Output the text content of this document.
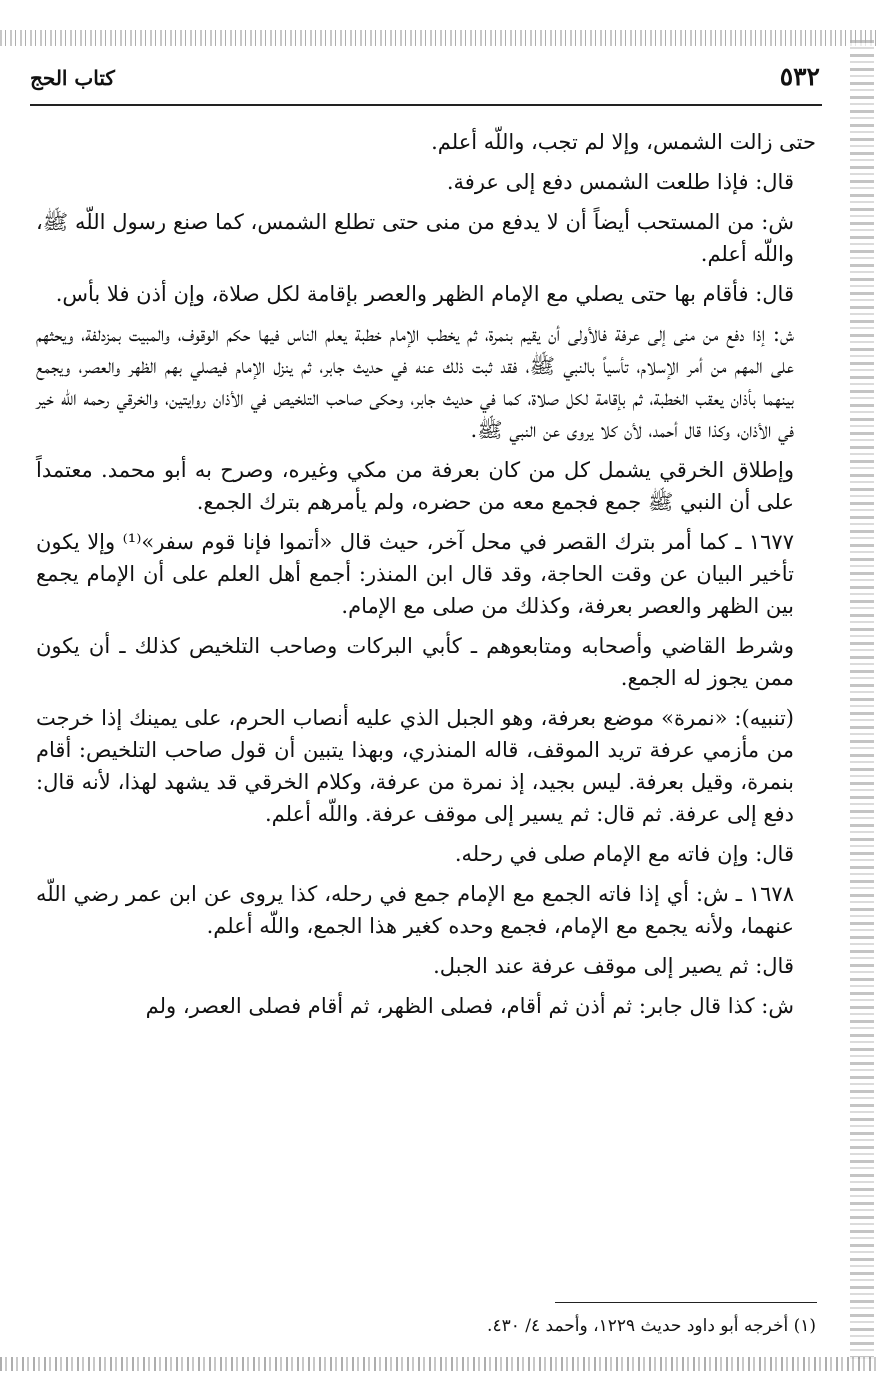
٥٣٢
كتاب الحج

حتى زالت الشمس، وإلا لم تجب، واللّه أعلم.

قال: فإذا طلعت الشمس دفع إلى عرفة.

ش: من المستحب أيضاً أن لا يدفع من منى حتى تطلع الشمس، كما صنع رسول اللّه ﷺ، واللّه أعلم.

قال: فأقام بها حتى يصلي مع الإمام الظهر والعصر بإقامة لكل صلاة، وإن أذن فلا بأس.

ش: إذا دفع من منى إلى عرفة فالأولى أن يقيم بنمرة، ثم يخطب الإمام خطبة يعلم الناس فيها حكم الوقوف، والمبيت بمزدلفة، ويحثهم على المهم من أمر الإسلام، تأسياً بالنبي ﷺ، فقد ثبت ذلك عنه في حديث جابر، ثم ينزل الإمام فيصلي بهم الظهر والعصر، ويجمع بينهما بأذان يعقب الخطبة، ثم بإقامة لكل صلاة، كما في حديث جابر، وحكى صاحب التلخيص في الأذان روايتين، والخرقي رحمه اللّه خير في الأذان، وكذا قال أحمد، لأن كلا يروى عن النبي ﷺ.

وإطلاق الخرقي يشمل كل من كان بعرفة من مكي وغيره، وصرح به أبو محمد. معتمداً على أن النبي ﷺ جمع فجمع معه من حضره، ولم يأمرهم بترك الجمع.

١٦٧٧ ـ كما أمر بترك القصر في محل آخر، حيث قال «أتموا فإنا قوم سفر»⁽¹⁾ وإلا يكون تأخير البيان عن وقت الحاجة، وقد قال ابن المنذر: أجمع أهل العلم على أن الإمام يجمع بين الظهر والعصر بعرفة، وكذلك من صلى مع الإمام.

وشرط القاضي وأصحابه ومتابعوهم ـ كأبي البركات وصاحب التلخيص كذلك ـ أن يكون ممن يجوز له الجمع.

(تنبيه): «نمرة» موضع بعرفة، وهو الجبل الذي عليه أنصاب الحرم، على يمينك إذا خرجت من مأزمي عرفة تريد الموقف، قاله المنذري، وبهذا يتبين أن قول صاحب التلخيص: أقام بنمرة، وقيل بعرفة. ليس بجيد، إذ نمرة من عرفة، وكلام الخرقي قد يشهد لهذا، لأنه قال: دفع إلى عرفة. ثم قال: ثم يسير إلى موقف عرفة. واللّه أعلم.

قال: وإن فاته مع الإمام صلى في رحله.

١٦٧٨ ـ ش: أي إذا فاته الجمع مع الإمام جمع في رحله، كذا يروى عن ابن عمر رضي اللّه عنهما، ولأنه يجمع مع الإمام، فجمع وحده كغير هذا الجمع، واللّه أعلم.

قال: ثم يصير إلى موقف عرفة عند الجبل.

ش: كذا قال جابر: ثم أذن ثم أقام، فصلى الظهر، ثم أقام فصلى العصر، ولم

(١) أخرجه أبو داود حديث ١٢٢٩، وأحمد ٤/ ٤٣٠.
